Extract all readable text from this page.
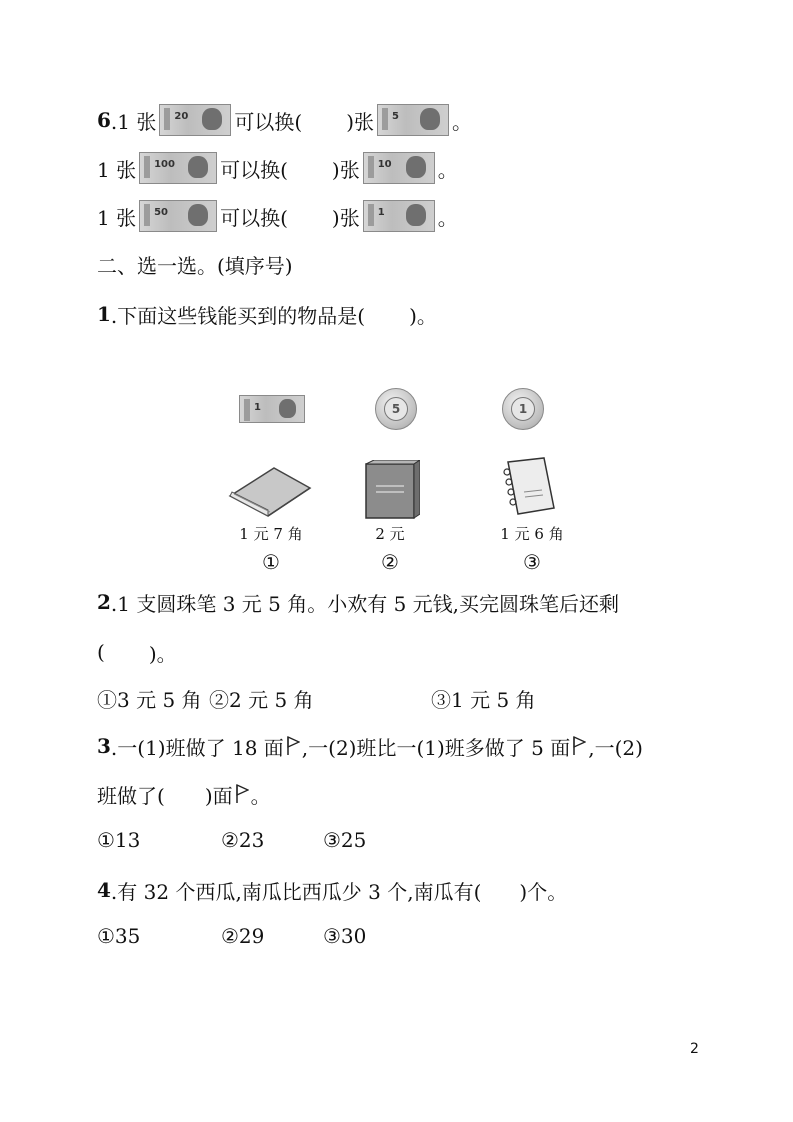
6 .1 张 20 可以换( )张 5	。
1 张 100 可以换( )张 10 。
1 张 50	可以换( )张 1	。
二、选一选。(填序号)
1 .下面这些钱能买到的物品是( )。
1	5	1
1 元 7 角	2 元	1 元 6 角
①	②	③
2 .1 支圆珠笔 3 元 5 角。小欢有 5 元钱,买完圆珠笔后还剩
( )。
①3 元 5 角 ②2 元 5 角	③1 元 5 角
3 .一(1)班做了 18 面 ,一(2)班比一(1)班多做了 5 面 ,一(2)
班做了( )面 。
①13	②23	③25
4 .有 32 个西瓜,南瓜比西瓜少 3 个,南瓜有( )个。
①35	②29	③30
2
